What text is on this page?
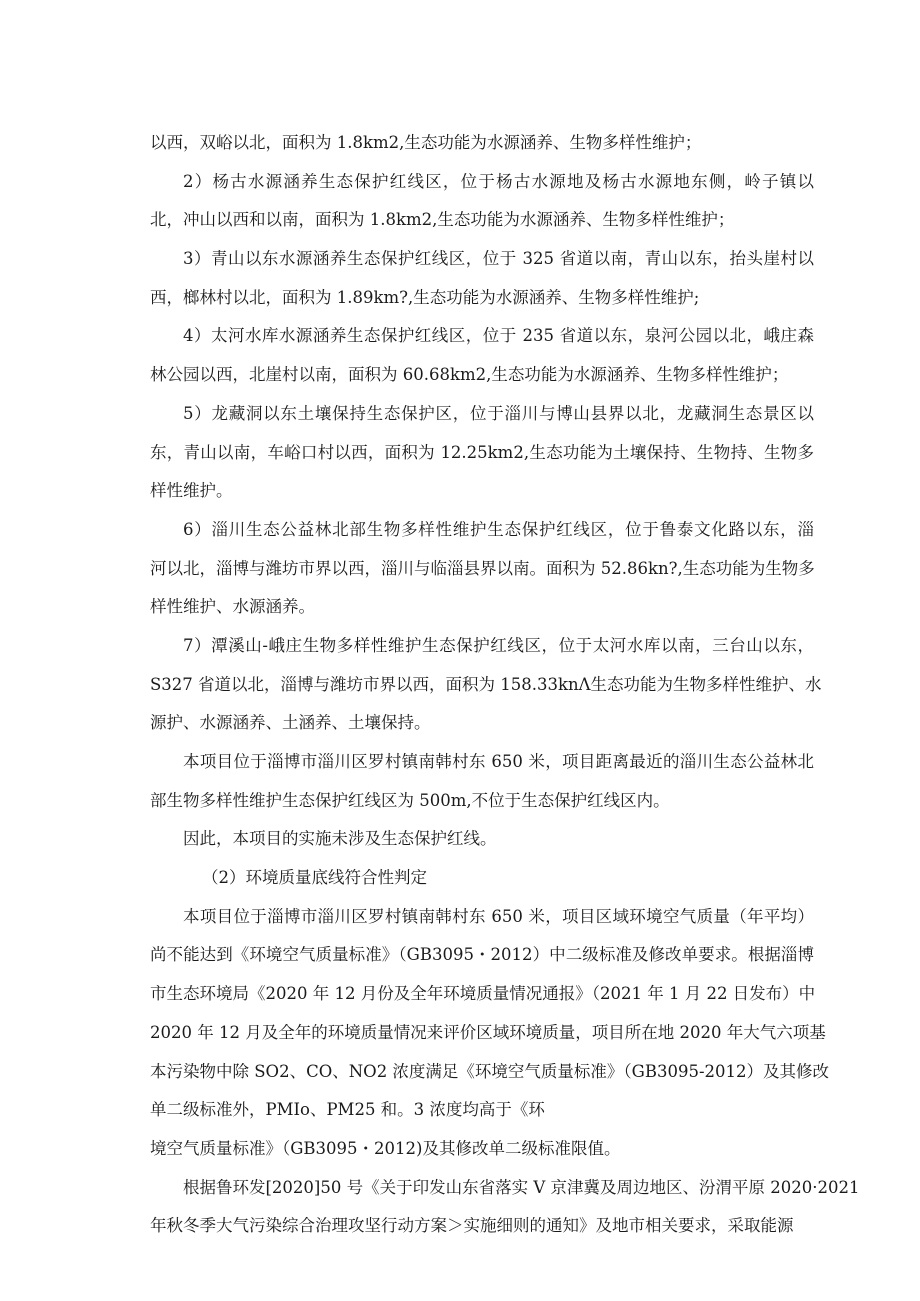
以西，双峪以北，面积为 1.8km2,生态功能为水源涵养、生物多样性维护；
2）杨古水源涵养生态保护红线区，位于杨古水源地及杨古水源地东侧，岭子镇以
北，冲山以西和以南，面积为 1.8km2,生态功能为水源涵养、生物多样性维护；
3）青山以东水源涵养生态保护红线区，位于 325 省道以南，青山以东，抬头崖村以
西，榔林村以北，面积为 1.89km?,生态功能为水源涵养、生物多样性维护;
4）太河水库水源涵养生态保护红线区，位于 235 省道以东，泉河公园以北，峨庄森
林公园以西，北崖村以南，面积为 60.68km2,生态功能为水源涵养、生物多样性维护；
5）龙藏洞以东土壤保持生态保护区，位于淄川与博山县界以北，龙藏洞生态景区以
东，青山以南，车峪口村以西，面积为 12.25km2,生态功能为土壤保持、生物持、生物多
样性维护。
6）淄川生态公益林北部生物多样性维护生态保护红线区，位于鲁泰文化路以东，淄
河以北，淄博与潍坊市界以西，淄川与临淄县界以南。面积为 52.86kn?,生态功能为生物多
样性维护、水源涵养。
7）潭溪山-峨庄生物多样性维护生态保护红线区，位于太河水库以南，三台山以东，
S327 省道以北，淄博与潍坊市界以西，面积为 158.33knΛ生态功能为生物多样性维护、水
源护、水源涵养、土涵养、土壤保持。
本项目位于淄博市淄川区罗村镇南韩村东 650 米，项目距离最近的淄川生态公益林北
部生物多样性维护生态保护红线区为 500m,不位于生态保护红线区内。
因此，本项目的实施未涉及生态保护红线。
（2）环境质量底线符合性判定
本项目位于淄博市淄川区罗村镇南韩村东 650 米，项目区域环境空气质量（年平均）
尚不能达到《环境空气质量标准》（GB3095・2012）中二级标准及修改单要求。根据淄博
市生态环境局《2020 年 12 月份及全年环境质量情况通报》（2021 年 1 月 22 日发布）中
2020 年 12 月及全年的环境质量情况来评价区域环境质量，项目所在地 2020 年大气六项基
本污染物中除 SO2、CO、NO2 浓度满足《环境空气质量标准》（GB3095-2012）及其修改
单二级标准外，PMIo、PM25 和。3 浓度均高于《环
境空气质量标准》（GB3095・2012)及其修改单二级标准限值。
根据鲁环发[2020]50 号《关于印发山东省落实 V 京津冀及周边地区、汾渭平原 2020·2021
年秋冬季大气污染综合治理攻坚行动方案＞实施细则的通知》及地市相关要求，采取能源
